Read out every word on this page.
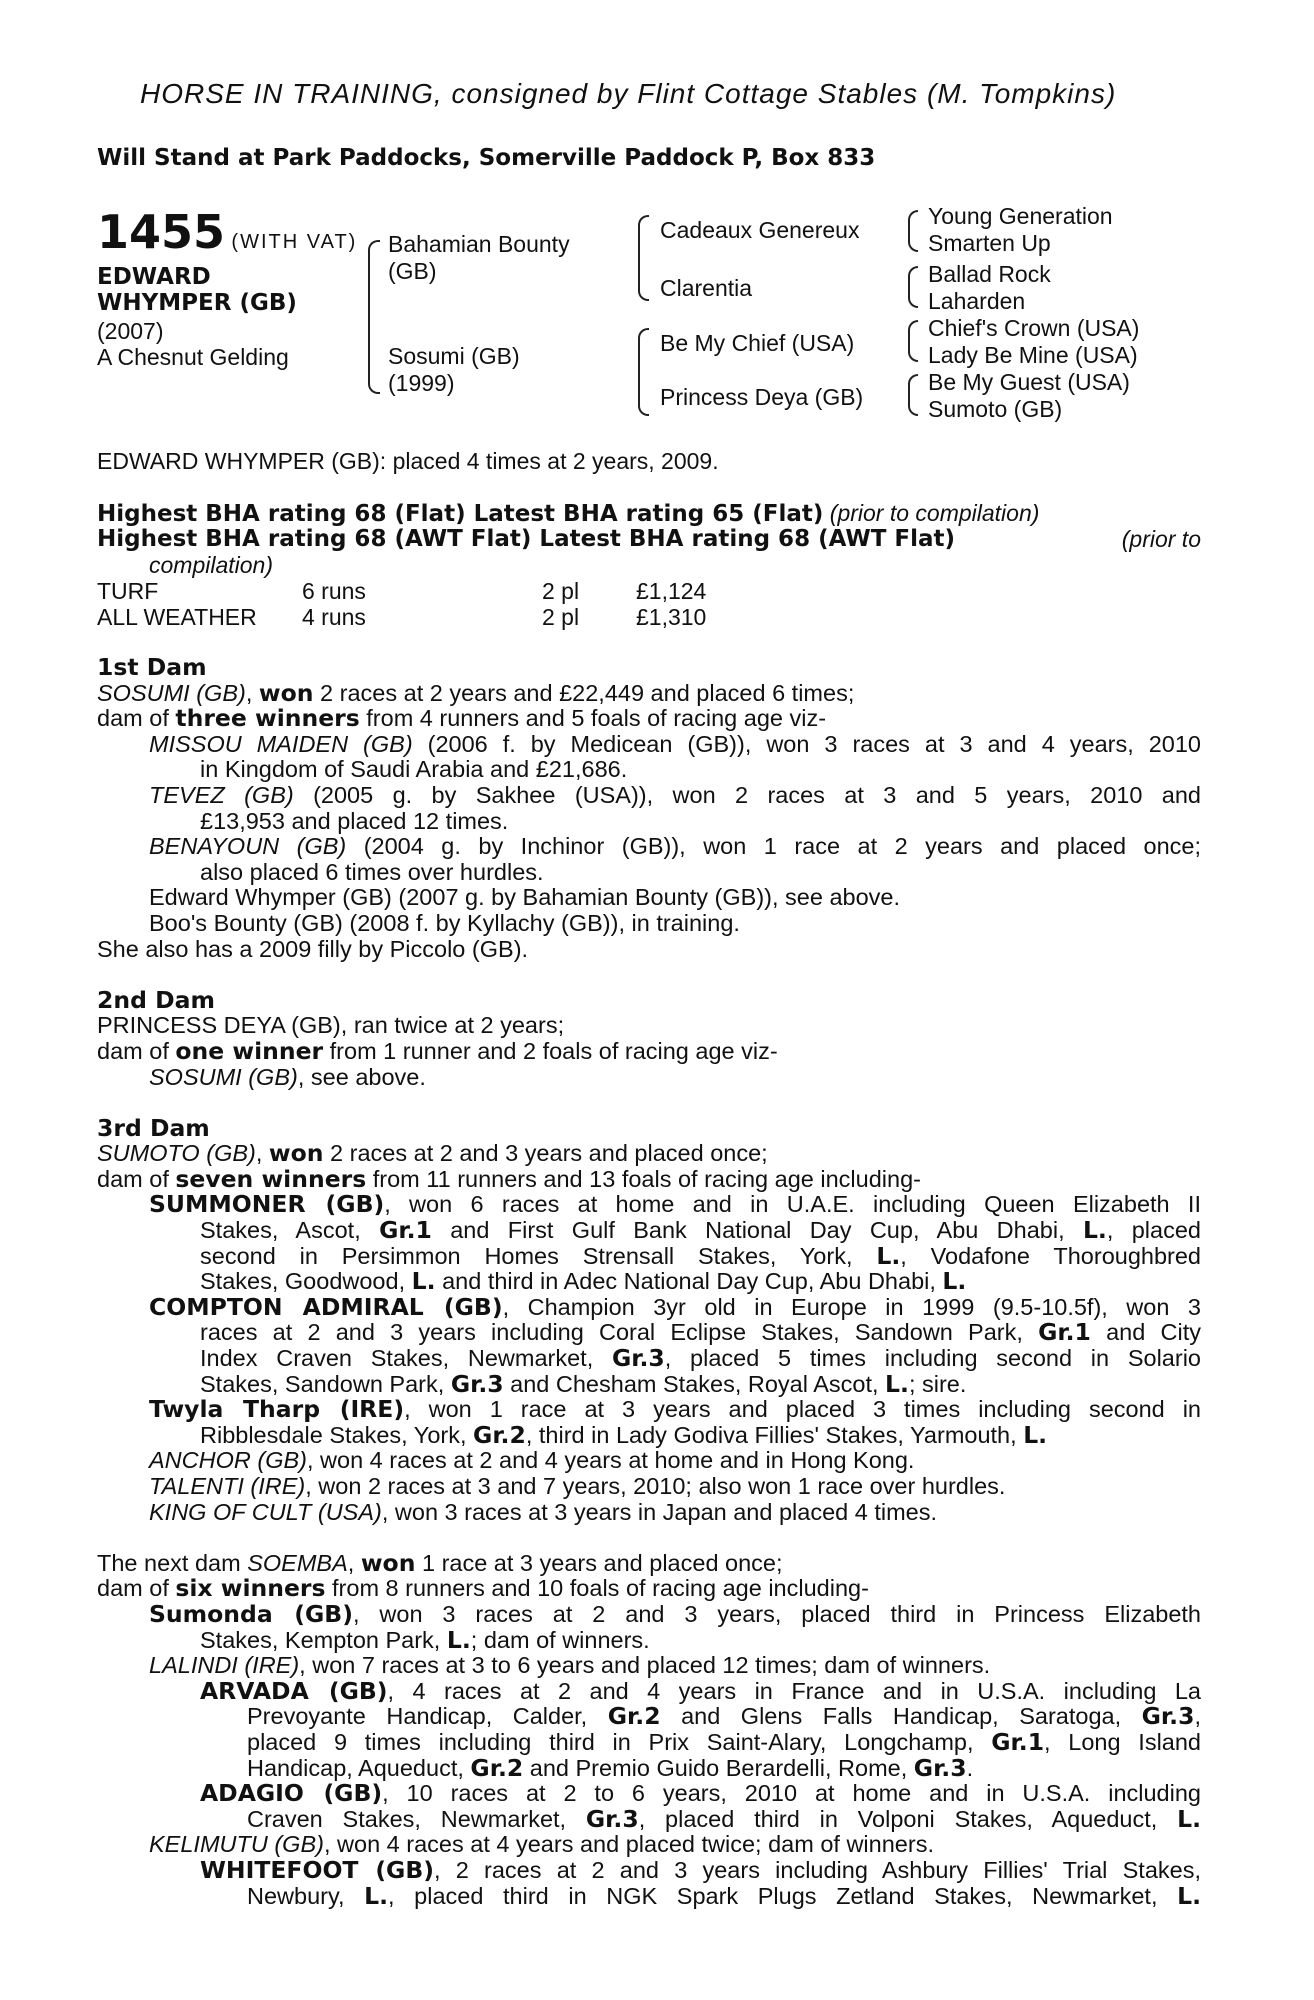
HORSE IN TRAINING, consigned by Flint Cottage Stables (M. Tompkins)
Will Stand at Park Paddocks, Somerville Paddock P, Box 833
1455 (WITH VAT)
EDWARD
WHYMPER (GB)
(2007)
A Chesnut Gelding
Bahamian Bounty
(GB)
Sosumi (GB)
(1999)
Cadeaux Genereux
Clarentia
Be My Chief (USA)
Princess Deya (GB)
Young Generation
Smarten Up
Ballad Rock
Laharden
Chief's Crown (USA)
Lady Be Mine (USA)
Be My Guest (USA)
Sumoto (GB)
EDWARD WHYMPER (GB): placed 4 times at 2 years, 2009.
Highest BHA rating 68 (Flat) Latest BHA rating 65 (Flat) (prior to compilation)
Highest BHA rating 68 (AWT Flat) Latest BHA rating 68 (AWT Flat)	(prior to
compilation)
TURF	6 runs	2 pl £1,124
ALL WEATHER 4 runs	2 pl £1,310
1st Dam
SOSUMI (GB), won 2 races at 2 years and £22,449 and placed 6 times;
dam of three winners from 4 runners and 5 foals of racing age viz-
MISSOU MAIDEN (GB) (2006 f. by Medicean (GB)), won 3 races at 3 and 4 years, 2010
in Kingdom of Saudi Arabia and £21,686.
TEVEZ (GB) (2005 g. by Sakhee (USA)), won 2 races at 3 and 5 years, 2010 and
£13,953 and placed 12 times.
BENAYOUN (GB) (2004 g. by Inchinor (GB)), won 1 race at 2 years and placed once;
also placed 6 times over hurdles.
Edward Whymper (GB) (2007 g. by Bahamian Bounty (GB)), see above.
Boo's Bounty (GB) (2008 f. by Kyllachy (GB)), in training.
She also has a 2009 filly by Piccolo (GB).
2nd Dam
PRINCESS DEYA (GB), ran twice at 2 years;
dam of one winner from 1 runner and 2 foals of racing age viz-
SOSUMI (GB), see above.
3rd Dam
SUMOTO (GB), won 2 races at 2 and 3 years and placed once;
dam of seven winners from 11 runners and 13 foals of racing age including-
SUMMONER (GB), won 6 races at home and in U.A.E. including Queen Elizabeth II
Stakes, Ascot, Gr.1 and First Gulf Bank National Day Cup, Abu Dhabi, L., placed
second in Persimmon Homes Strensall Stakes, York, L., Vodafone Thoroughbred
Stakes, Goodwood, L. and third in Adec National Day Cup, Abu Dhabi, L.
COMPTON ADMIRAL (GB), Champion 3yr old in Europe in 1999 (9.5-10.5f), won 3
races at 2 and 3 years including Coral Eclipse Stakes, Sandown Park, Gr.1 and City
Index Craven Stakes, Newmarket, Gr.3, placed 5 times including second in Solario
Stakes, Sandown Park, Gr.3 and Chesham Stakes, Royal Ascot, L.; sire.
Twyla Tharp (IRE), won 1 race at 3 years and placed 3 times including second in
Ribblesdale Stakes, York, Gr.2, third in Lady Godiva Fillies' Stakes, Yarmouth, L.
ANCHOR (GB), won 4 races at 2 and 4 years at home and in Hong Kong.
TALENTI (IRE), won 2 races at 3 and 7 years, 2010; also won 1 race over hurdles.
KING OF CULT (USA), won 3 races at 3 years in Japan and placed 4 times.
The next dam SOEMBA, won 1 race at 3 years and placed once;
dam of six winners from 8 runners and 10 foals of racing age including-
Sumonda (GB), won 3 races at 2 and 3 years, placed third in Princess Elizabeth
Stakes, Kempton Park, L.; dam of winners.
LALINDI (IRE), won 7 races at 3 to 6 years and placed 12 times; dam of winners.
ARVADA (GB), 4 races at 2 and 4 years in France and in U.S.A. including La
Prevoyante Handicap, Calder, Gr.2 and Glens Falls Handicap, Saratoga, Gr.3,
placed 9 times including third in Prix Saint-Alary, Longchamp, Gr.1, Long Island
Handicap, Aqueduct, Gr.2 and Premio Guido Berardelli, Rome, Gr.3.
ADAGIO (GB), 10 races at 2 to 6 years, 2010 at home and in U.S.A. including
Craven Stakes, Newmarket, Gr.3, placed third in Volponi Stakes, Aqueduct, L.
KELIMUTU (GB), won 4 races at 4 years and placed twice; dam of winners.
WHITEFOOT (GB), 2 races at 2 and 3 years including Ashbury Fillies' Trial Stakes,
Newbury, L., placed third in NGK Spark Plugs Zetland Stakes, Newmarket, L.
